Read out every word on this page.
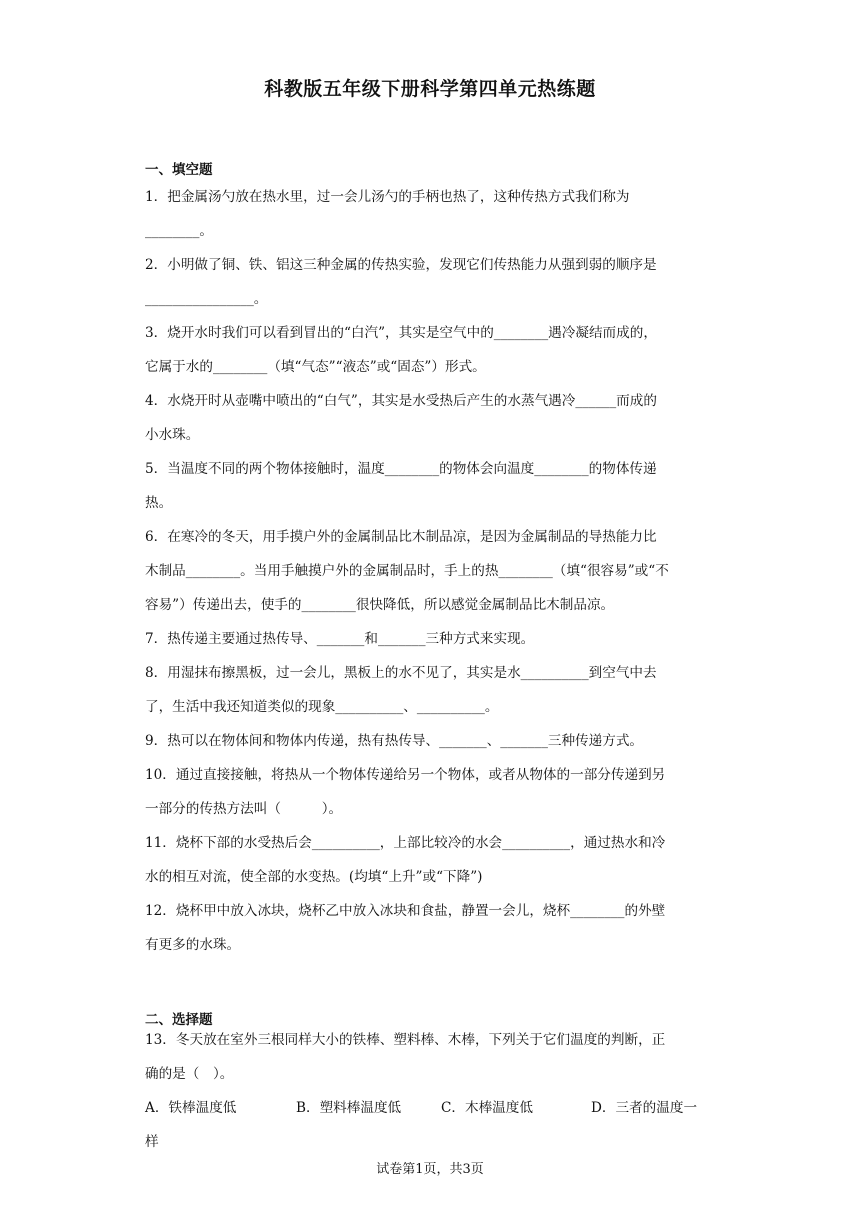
科教版五年级下册科学第四单元热练题
一、填空题
1．把金属汤勺放在热水里，过一会儿汤勺的手柄也热了，这种传热方式我们称为
________。
2．小明做了铜、铁、铝这三种金属的传热实验，发现它们传热能力从强到弱的顺序是
________________。
3．烧开水时我们可以看到冒出的“白汽”，其实是空气中的________遇冷凝结而成的，
它属于水的________（填“气态”“液态”或“固态”）形式。
4．水烧开时从壶嘴中喷出的“白气”，其实是水受热后产生的水蒸气遇冷______而成的
小水珠。
5．当温度不同的两个物体接触时，温度________的物体会向温度________的物体传递
热。
6．在寒冷的冬天，用手摸户外的金属制品比木制品凉，是因为金属制品的导热能力比
木制品________。当用手触摸户外的金属制品时，手上的热________（填“很容易”或“不
容易”）传递出去，使手的________很快降低，所以感觉金属制品比木制品凉。
7．热传递主要通过热传导、_______和_______三种方式来实现。
8．用湿抹布擦黑板，过一会儿，黑板上的水不见了，其实是水__________到空气中去
了，生活中我还知道类似的现象__________、__________。
9．热可以在物体间和物体内传递，热有热传导、_______、_______三种传递方式。
10．通过直接接触，将热从一个物体传递给另一个物体，或者从物体的一部分传递到另
一部分的传热方法叫（　　　）。
11．烧杯下部的水受热后会__________，上部比较冷的水会__________，通过热水和冷
水的相互对流，使全部的水变热。(均填“上升”或“下降”)
12．烧杯甲中放入冰块，烧杯乙中放入冰块和食盐，静置一会儿，烧杯________的外壁
有更多的水珠。
二、选择题
13．冬天放在室外三根同样大小的铁棒、塑料棒、木棒，下列关于它们温度的判断，正
确的是（　）。
A．铁棒温度低	B．塑料棒温度低	C．木棒温度低	D．三者的温度一
样
试卷第1页，共3页
